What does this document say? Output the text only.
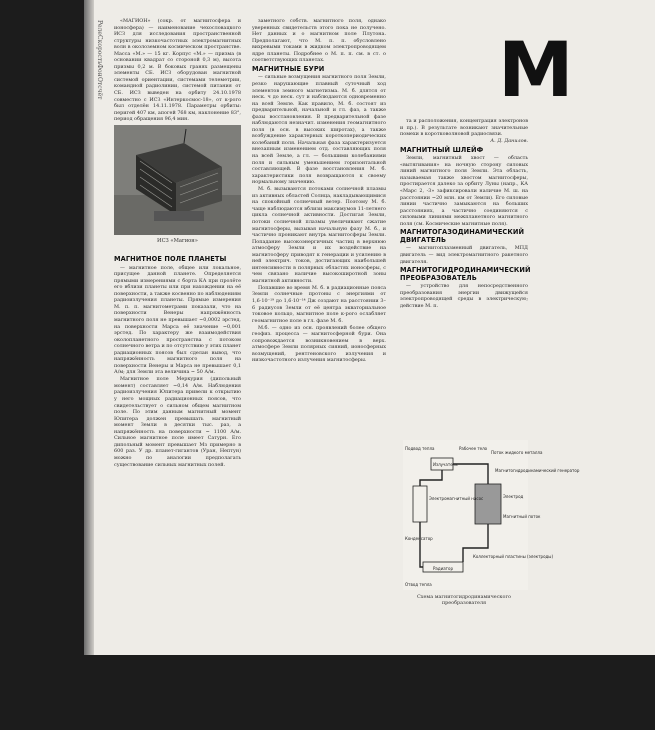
Реле
Скорость
Фон
Отсчёт

«МАГИОН» (сокр. от магнитосфера и ионосфера) — наименование чехословацкого ИСЗ для исследования пространственной структуры низкочастотных электромагнитных волн в околоземном космическом пространстве. Масса «М.» — 15 кг. Корпус «М.» — призма (в основании квадрат со стороной 0,3 м), высота призмы 0,2 м. В боковых гранях размещены элементы СБ. ИСЗ оборудован магнитной системой ориентации, системами телеметрии, командной радиолинии, системой питания от СБ. ИСЗ выведен на орбиту 24.10.1978 совместно с ИСЗ «Интеркосмос-18», от к-рого был отделён 14.11.1978. Параметры орбиты: перигей 407 км, апогей 768 км, наклонение 83°, период обращения 96,4 мин.

МАГНИТНОЕ ПОЛЕ ПЛАНЕТЫ

— магнитное поле, общее или локальное, присущее данной планете. Определяется прямыми измерениями с борта КА при пролёте его вблизи планеты или при нахождении на её поверхности, а также косвенно по наблюдениям радиоизлучения планеты. Прямые измерения М. п. п. магнитометрами показали, что на поверхности Венеры напряжённость магнитного поля не превышает ~0,0002 эрстед, на поверхности Марса её значение ~0,001 эрстед. По характеру же взаимодействия околопланетного пространства с потоком солнечного ветра и по отсутствию у этих планет радиационных поясов был сделан вывод, что напряжённость магнитного поля на поверхности Венеры и Марса не превышает 0,1 А/м; для Земли эта величина ~ 50 А/м.

Магнитное поле Меркурия (дипольный момент) составляет ~0,14 А/м. Наблюдения радиоизлучения Юпитера привели к открытию у него мощных радиационных поясов, что свидетельствует о сильном общем магнитном поле. По этим данным магнитный момент Юпитера должен превышать магнитный момент Земли в десятки тыс. раз, а напряжённость на поверхности ~ 1100 А/м. Сильное магнитное поле имеет Сатурн. Его дипольный момент превышает Mз примерно в 600 раз. У др. планет-гигантов (Уран, Нептун) можно по аналогии предполагать существование сильных магнитных полей.

ИСЗ «Магион»

заметного собств. магнитного поля, однако уверенных свидетельств этого пока не получено. Нет данных и о магнитном поле Плутона. Предполагают, что М. п. п. обусловлено вихревыми токами в жидком электропроводящем ядре планеты. Подробнее о М. п. п. см. в ст. о соответствующих планетах.

МАГНИТНЫЕ БУРИ

— сильные возмущения магнитного поля Земли, резко нарушающие плавный суточный ход элементов земного магнетизма. М. б. длятся от неск. ч до неск. сут и наблюдаются одновременно на всей Земле. Как правило, М. б. состоят из предварительной, начальной и гл. фаз, а также фазы восстановления. В предварительной фазе наблюдаются незначит. изменения геомагнитного поля (в осн. в высоких широтах), а также возбуждение характерных короткопериодических колебаний поля. Начальная фаза характеризуется внезапным изменением отд. составляющих поля на всей Земле, а гл. — большими колебаниями поля и сильным уменьшением горизонтальной составляющей. В фазе восстановления М. б. характеристики поля возвращаются к своему нормальному значению.

М. б. вызываются потоками солнечной плазмы из активных областей Солнца, накладывающимися на спокойный солнечный ветер. Поэтому М. б. чаще наблюдаются вблизи максимумов 11-летнего цикла солнечной активности. Достигая Земли, потоки солнечной плазмы увеличивают сжатие магнитосферы, вызывая начальную фазу М. б., и частично проникают внутрь магнитосферы Земли. Попадание высокоэнергичных частиц в верхнюю атмосферу Земли и их воздействие на магнитосферу приводят к генерации и усилению в ней электрич. токов, достигающих наибольшей интенсивности в полярных областях ионосферы, с чем связано наличие высокоширотной зоны магнитной активности.

Попавшие во время М. б. в радиационные пояса Земли солнечные протоны с энергиями от 1,6·10⁻¹⁹ до 1,6·10⁻¹⁴ Дж создают на расстоянии 3–6 радиусов Земли от её центра экваториальное токовое кольцо, магнитное поле к-рого ослабляет геомагнитное поле в гл. фазе М. б.

М.б. — одно из осн. проявлений более общего геофиз. процесса — магнитосферной бури. Она сопровождается возникновением в верх. атмосфере Земли полярных сияний, ионосферных возмущений, рентгеновского излучения и низкочастотного излучения магнитосферы.

М

та и расположения, концентрация электронов и пр.). В результате возникают значительные помехи в коротковолновой радиосвязи.

А. Д. Данилов.

МАГНИТНЫЙ ШЛЕЙФ

Земли, магнитный хвост — область «вытягивания» на ночную сторону силовых линий магнитного поля Земли. Эта область, называемая также хвостом магнитосферы, простирается далеко за орбиту Луны (напр., КА «Марс 2, -3» зафиксировали наличие М. ш. на расстоянии ~20 млн. км от Земли). Его силовые линии частично замыкаются на больших расстояниях, а частично соединяются с силовыми линиями межпланетного магнитного поля (см. Космические магнитные поля).

МАГНИТОГАЗОДИНАМИЧЕСКИЙ ДВИГАТЕЛЬ

— магнитоплазменный двигатель, МПД двигатель — вид электромагнитного ракетного двигателя.

МАГНИТОГИДРОДИНАМИЧЕСКИЙ ПРЕОБРАЗОВАТЕЛЬ

— устройство для непосредственного преобразования энергии движущейся электропроводящей среды в электрическую; действие М. п.

Подвод тепла
Излучатель
Рабочее тело
Поток жидкого металла
Магнитогидродинамический генератор
Электромагнитный насос	Электрод
Магнитный поток
Конденсатор
Радиатор
Коллекторный пластины (электроды)
Отвод тепла
Схема магнитогидродинамического преобразователя
